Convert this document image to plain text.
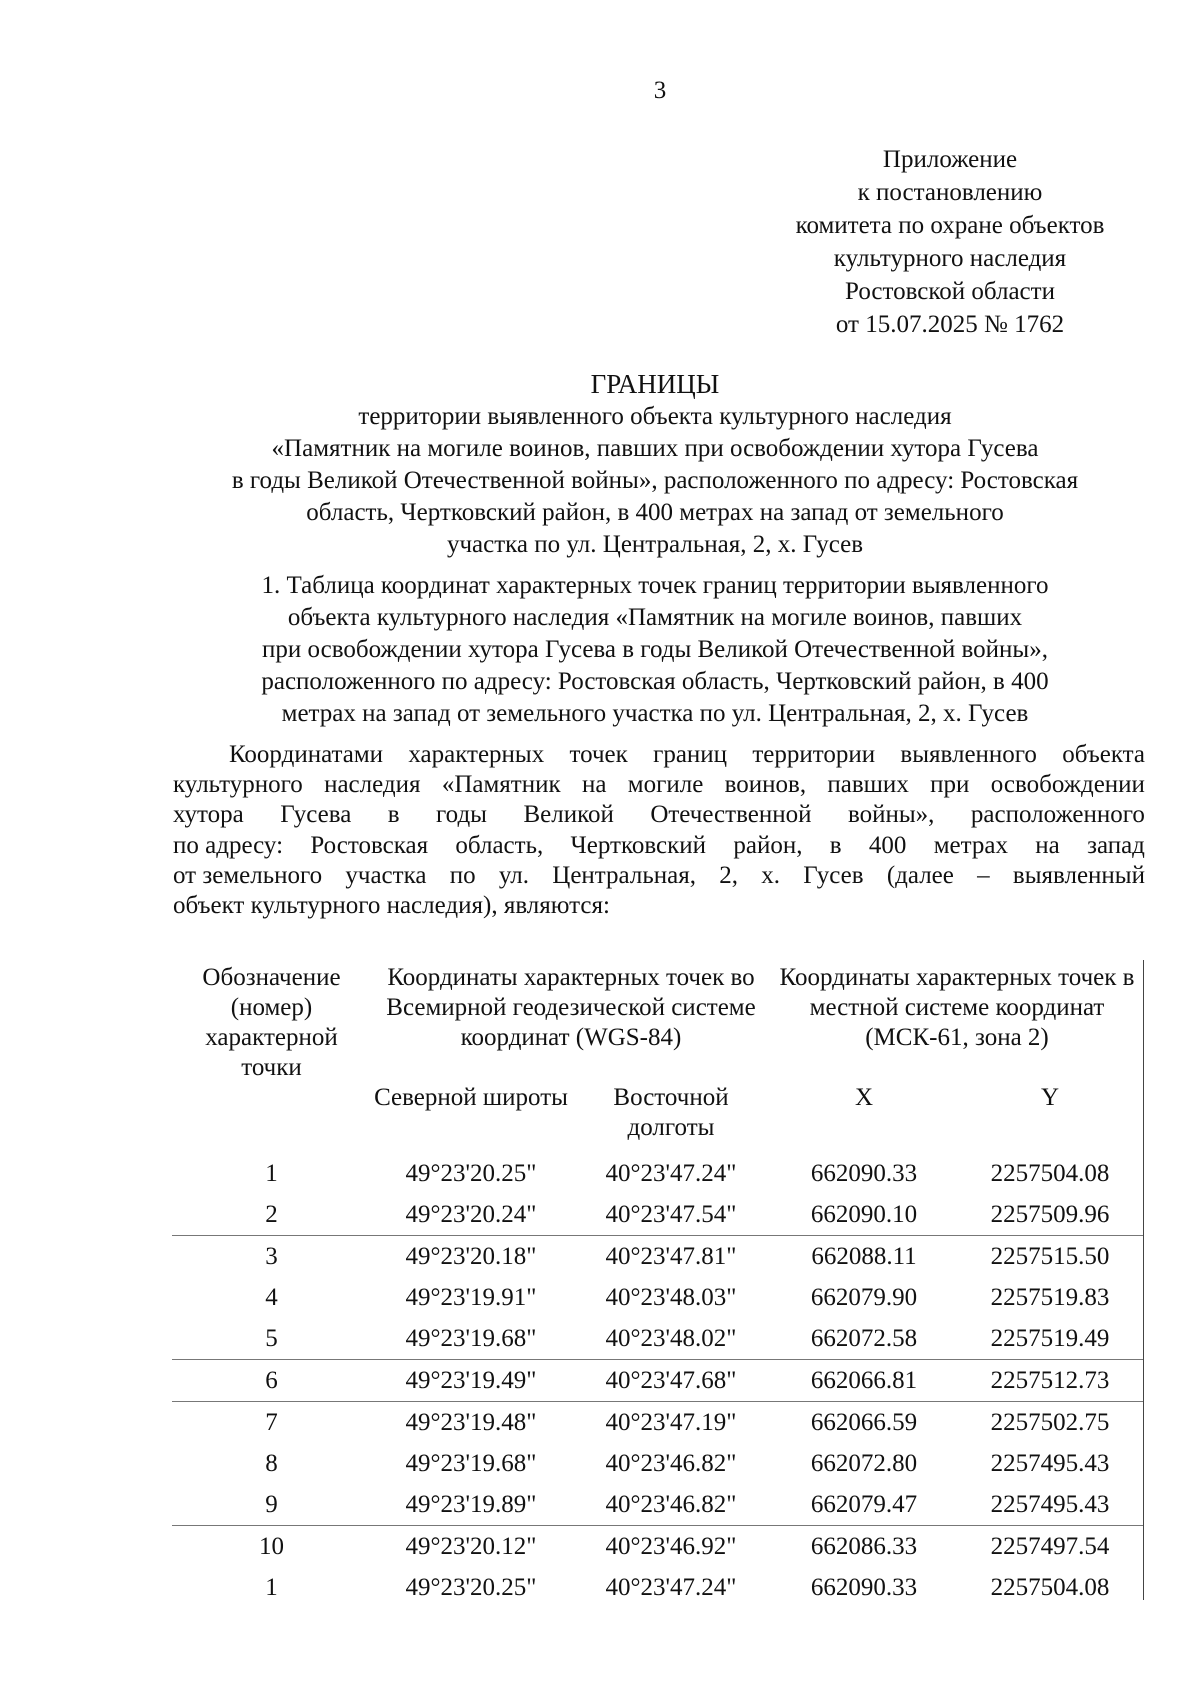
3
Приложение
к постановлению
комитета по охране объектов
культурного наследия
Ростовской области
от 15.07.2025 № 1762
ГРАНИЦЫ
территории выявленного объекта культурного наследия
«Памятник на могиле воинов, павших при освобождении хутора Гусева
в годы Великой Отечественной войны», расположенного по адресу: Ростовская
область, Чертковский район, в 400 метрах на запад от земельного
участка по ул. Центральная, 2, х. Гусев
1. Таблица координат характерных точек границ территории выявленного
объекта культурного наследия «Памятник на могиле воинов, павших
при освобождении хутора Гусева в годы Великой Отечественной войны»,
расположенного по адресу: Ростовская область, Чертковский район, в 400
метрах на запад от земельного участка по ул. Центральная, 2, х. Гусев
Координатами характерных точек границ территории выявленного объекта
культурного наследия «Памятник на могиле воинов, павших при освобождении
хутора Гусева в годы Великой Отечественной войны», расположенного
по адресу: Ростовская область, Чертковский район, в 400 метрах на запад
от земельного участка по ул. Центральная, 2, х. Гусев (далее – выявленный
объект культурного наследия), являются:
Обозначение (номер) характерной точки	Координаты характерных точек во Всемирной геодезической системе координат (WGS-84)		Координаты характерных точек в местной системе координат (МСК-61, зона 2)	
	Северной широты	Восточной долготы	X	Y
1	49°23'20.25"	40°23'47.24"	662090.33	2257504.08
2	49°23'20.24"	40°23'47.54"	662090.10	2257509.96
3	49°23'20.18"	40°23'47.81"	662088.11	2257515.50
4	49°23'19.91"	40°23'48.03"	662079.90	2257519.83
5	49°23'19.68"	40°23'48.02"	662072.58	2257519.49
6	49°23'19.49"	40°23'47.68"	662066.81	2257512.73
7	49°23'19.48"	40°23'47.19"	662066.59	2257502.75
8	49°23'19.68"	40°23'46.82"	662072.80	2257495.43
9	49°23'19.89"	40°23'46.82"	662079.47	2257495.43
10	49°23'20.12"	40°23'46.92"	662086.33	2257497.54
1	49°23'20.25"	40°23'47.24"	662090.33	2257504.08
